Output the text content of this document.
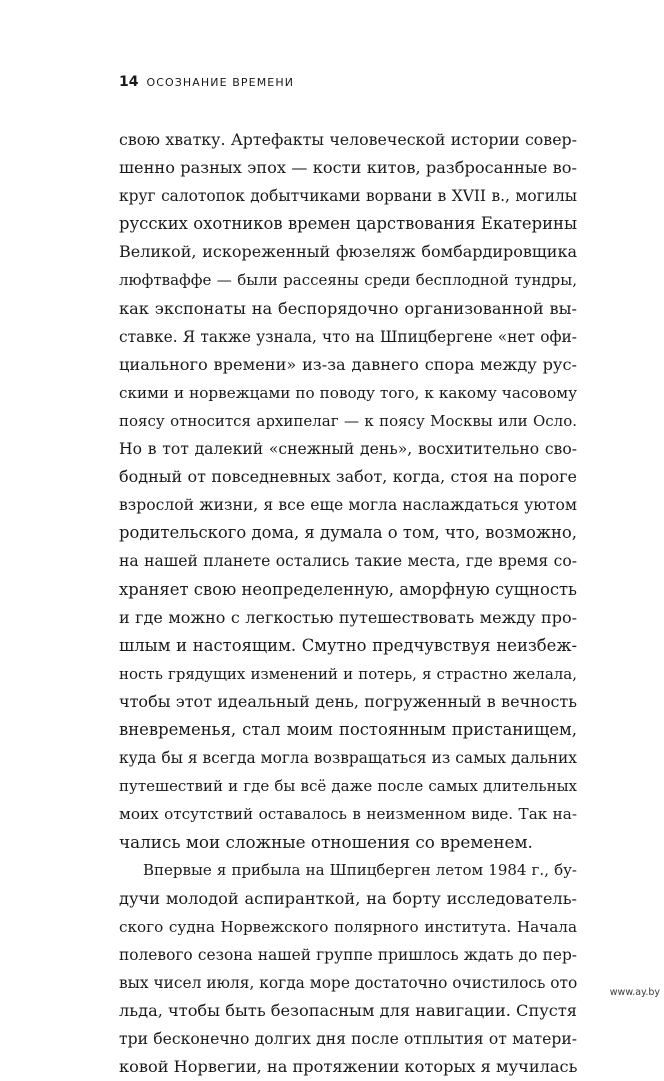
14 ОСОЗНАНИЕ ВРЕМЕНИ
свою хватку. Артефакты человеческой истории совер-
шенно разных эпох — кости китов, разбросанные во-
круг салотопок добытчиками ворвани в XVII в., могилы
русских охотников времен царствования Екатерины
Великой, искореженный фюзеляж бомбардировщика
люфтваффе — были рассеяны среди бесплодной тундры,
как экспонаты на беспорядочно организованной вы-
ставке. Я также узнала, что на Шпицбергене «нет офи-
циального времени» из-за давнего спора между рус-
скими и норвежцами по поводу того, к какому часовому
поясу относится архипелаг — к поясу Москвы или Осло.
Но в тот далекий «снежный день», восхитительно сво-
бодный от повседневных забот, когда, стоя на пороге
взрослой жизни, я все еще могла наслаждаться уютом
родительского дома, я думала о том, что, возможно,
на нашей планете остались такие места, где время со-
храняет свою неопределенную, аморфную сущность
и где можно с легкостью путешествовать между про-
шлым и настоящим. Смутно предчувствуя неизбеж-
ность грядущих изменений и потерь, я страстно желала,
чтобы этот идеальный день, погруженный в вечность
вневременья, стал моим постоянным пристанищем,
куда бы я всегда могла возвращаться из самых дальних
путешествий и где бы всё даже после самых длительных
моих отсутствий оставалось в неизменном виде. Так на-
чались мои сложные отношения со временем.
Впервые я прибыла на Шпицберген летом 1984 г., бу-
дучи молодой аспиранткой, на борту исследователь-
ского судна Норвежского полярного института. Начала
полевого сезона нашей группе пришлось ждать до пер-
вых чисел июля, когда море достаточно очистилось ото
льда, чтобы быть безопасным для навигации. Спустя
три бесконечно долгих дня после отплытия от матери-
ковой Норвегии, на протяжении которых я мучилась
www.ay.by
